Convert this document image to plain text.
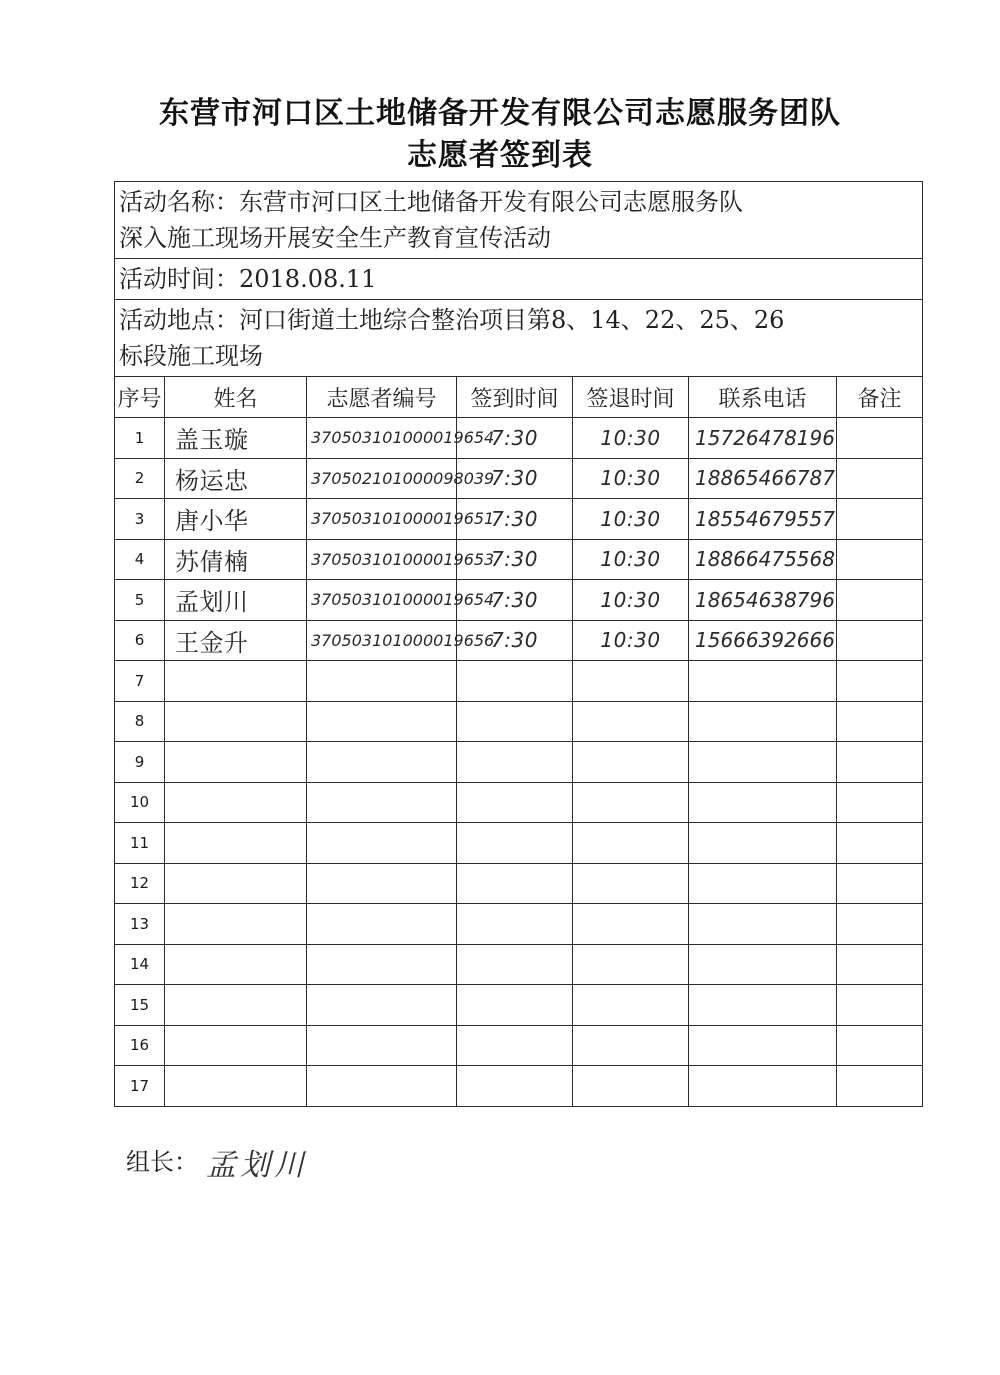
东营市河口区土地储备开发有限公司志愿服务团队
志愿者签到表
活动名称：东营市河口区土地储备开发有限公司志愿服务队
深入施工现场开展安全生产教育宣传活动						

活动时间：2018.08.11						

活动地点：河口街道土地综合整治项目第8、14、22、25、26
标段施工现场						

序号	姓名	志愿者编号	签到时间	签退时间	联系电话	备注
1	盖玉璇	370503101000019654	7:30	10:30	15726478196	
2	杨运忠	370502101000098039	7:30	10:30	18865466787	
3	唐小华	370503101000019651	7:30	10:30	18554679557	
4	苏倩楠	370503101000019653	7:30	10:30	18866475568	
5	孟划川	370503101000019654	7:30	10:30	18654638796	
6	王金升	370503101000019656	7:30	10:30	15666392666	
7						
8						
9						
10						
11						
12						
13						
14						
15						
16						
17						
组长： 孟划川
